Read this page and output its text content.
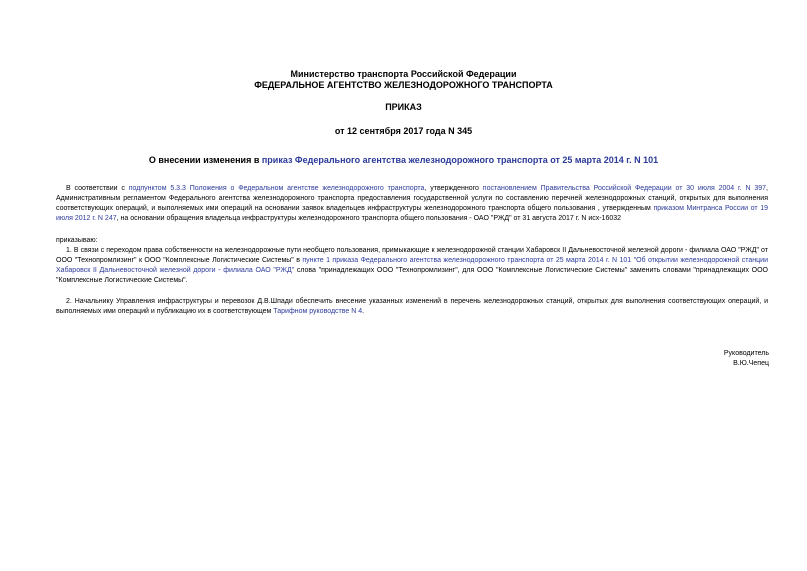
Министерство транспорта Российской Федерации
ФЕДЕРАЛЬНОЕ АГЕНТСТВО ЖЕЛЕЗНОДОРОЖНОГО ТРАНСПОРТА
ПРИКАЗ
от 12 сентября 2017 года N 345
О внесении изменения в приказ Федерального агентства железнодорожного транспорта от 25 марта 2014 г. N 101
В соответствии с подпунктом 5.3.3 Положения о Федеральном агентстве железнодорожного транспорта, утвержденного постановлением Правительства Российской Федерации от 30 июля 2004 г. N 397,
Административным регламентом Федерального агентства железнодорожного транспорта предоставления государственной услуги по составлению перечней железнодорожных станций, открытых для выполнения
соответствующих операций, и выполняемых ими операций на основании заявок владельцев инфраструктуры железнодорожного транспорта общего пользования , утвержденным приказом Минтранса России от 19
июля 2012 г. N 247, на основании обращения владельца инфраструктуры железнодорожного транспорта общего пользования - ОАО "РЖД" от 31 августа 2017 г. N исх-16032
приказываю:
1. В связи с переходом права собственности на железнодорожные пути необщего пользования, примыкающие к железнодорожной станции Хабаровск II Дальневосточной железной дороги - филиала ОАО "РЖД" от
ООО "Технопромлизинг" к ООО "Комплексные Логистические Системы" в пункте 1 приказа Федерального агентства железнодорожного транспорта от 25 марта 2014 г. N 101 "Об открытии железнодорожной станции
Хабаровск II Дальневосточной железной дороги - филиала ОАО "РЖД" слова "принадлежащих ООО "Технопромлизинг", для ООО "Комплексные Логистические Системы" заменить словами "принадлежащих ООО
"Комплексные Логистические Системы".
2. Начальнику Управления инфраструктуры и перевозок Д.В.Шпади обеспечить внесение указанных изменений в перечень железнодорожных станций, открытых для выполнения соответствующих операций, и
выполняемых ими операций и публикацию их в соответствующем Тарифном руководстве N 4.
Руководитель
В.Ю.Чепец
